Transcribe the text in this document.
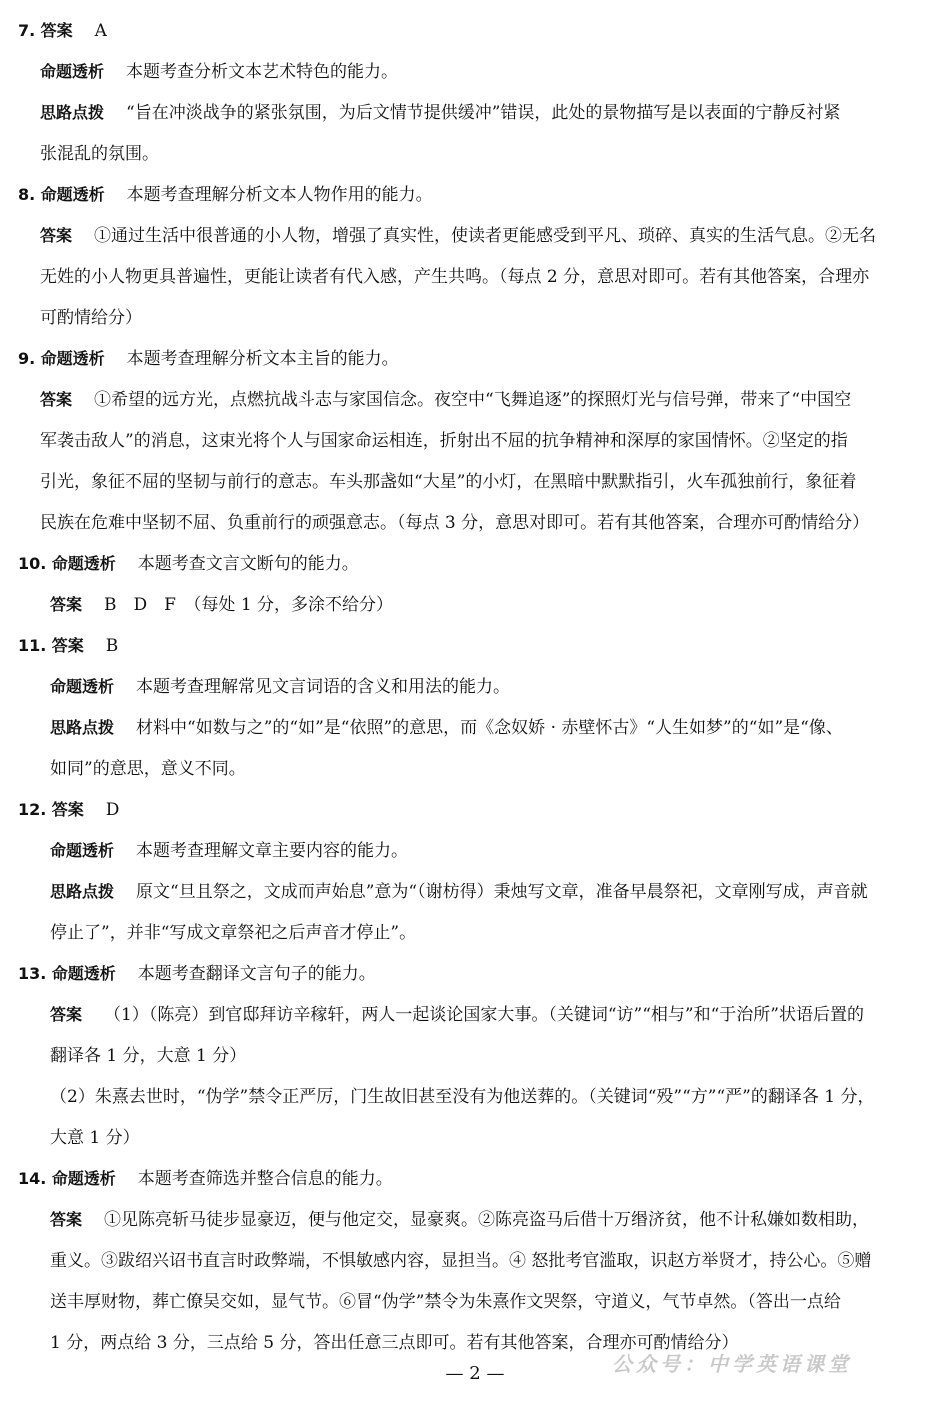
7. 答案 A
命题透析 本题考查分析文本艺术特色的能力。
思路点拨 “旨在冲淡战争的紧张氛围，为后文情节提供缓冲”错误，此处的景物描写是以表面的宁静反衬紧
张混乱的氛围。
8. 命题透析 本题考查理解分析文本人物作用的能力。
答案 ①通过生活中很普通的小人物，增强了真实性，使读者更能感受到平凡、琐碎、真实的生活气息。②无名
无姓的小人物更具普遍性，更能让读者有代入感，产生共鸣。（每点 2 分，意思对即可。若有其他答案，合理亦
可酌情给分）
9. 命题透析 本题考查理解分析文本主旨的能力。
答案 ①希望的远方光，点燃抗战斗志与家国信念。夜空中“飞舞追逐”的探照灯光与信号弹，带来了“中国空
军袭击敌人”的消息，这束光将个人与国家命运相连，折射出不屈的抗争精神和深厚的家国情怀。②坚定的指
引光，象征不屈的坚韧与前行的意志。车头那盏如“大星”的小灯，在黑暗中默默指引，火车孤独前行，象征着
民族在危难中坚韧不屈、负重前行的顽强意志。（每点 3 分，意思对即可。若有其他答案，合理亦可酌情给分）
10. 命题透析 本题考查文言文断句的能力。
答案 B　D　F　（每处 1 分，多涂不给分）
11. 答案 B
命题透析 本题考查理解常见文言词语的含义和用法的能力。
思路点拨 材料中“如数与之”的“如”是“依照”的意思，而《念奴娇 · 赤壁怀古》“人生如梦”的“如”是“像、
如同”的意思，意义不同。
12. 答案 D
命题透析 本题考查理解文章主要内容的能力。
思路点拨 原文“旦且祭之，文成而声始息”意为“（谢枋得）秉烛写文章，准备早晨祭祀，文章刚写成，声音就
停止了”，并非“写成文章祭祀之后声音才停止”。
13. 命题透析 本题考查翻译文言句子的能力。
答案 （1）（陈亮）到官邸拜访辛稼轩，两人一起谈论国家大事。（关键词“访”“相与”和“于治所”状语后置的
翻译各 1 分，大意 1 分）
（2）朱熹去世时，“伪学”禁令正严厉，门生故旧甚至没有为他送葬的。（关键词“殁”“方”“严”的翻译各 1 分，
大意 1 分）
14. 命题透析 本题考查筛选并整合信息的能力。
答案 ①见陈亮斩马徒步显豪迈，便与他定交，显豪爽。②陈亮盗马后借十万缗济贫，他不计私嫌如数相助，
重义。③跋绍兴诏书直言时政弊端，不惧敏感内容，显担当。④ 怒批考官滥取，识赵方举贤才，持公心。⑤赠
送丰厚财物，葬亡僚吴交如，显气节。⑥冒“伪学”禁令为朱熹作文哭祭，守道义，气节卓然。（答出一点给
1 分，两点给 3 分，三点给 5 分，答出任意三点即可。若有其他答案，合理亦可酌情给分）
— 2 —	公众号：中学英语课堂
